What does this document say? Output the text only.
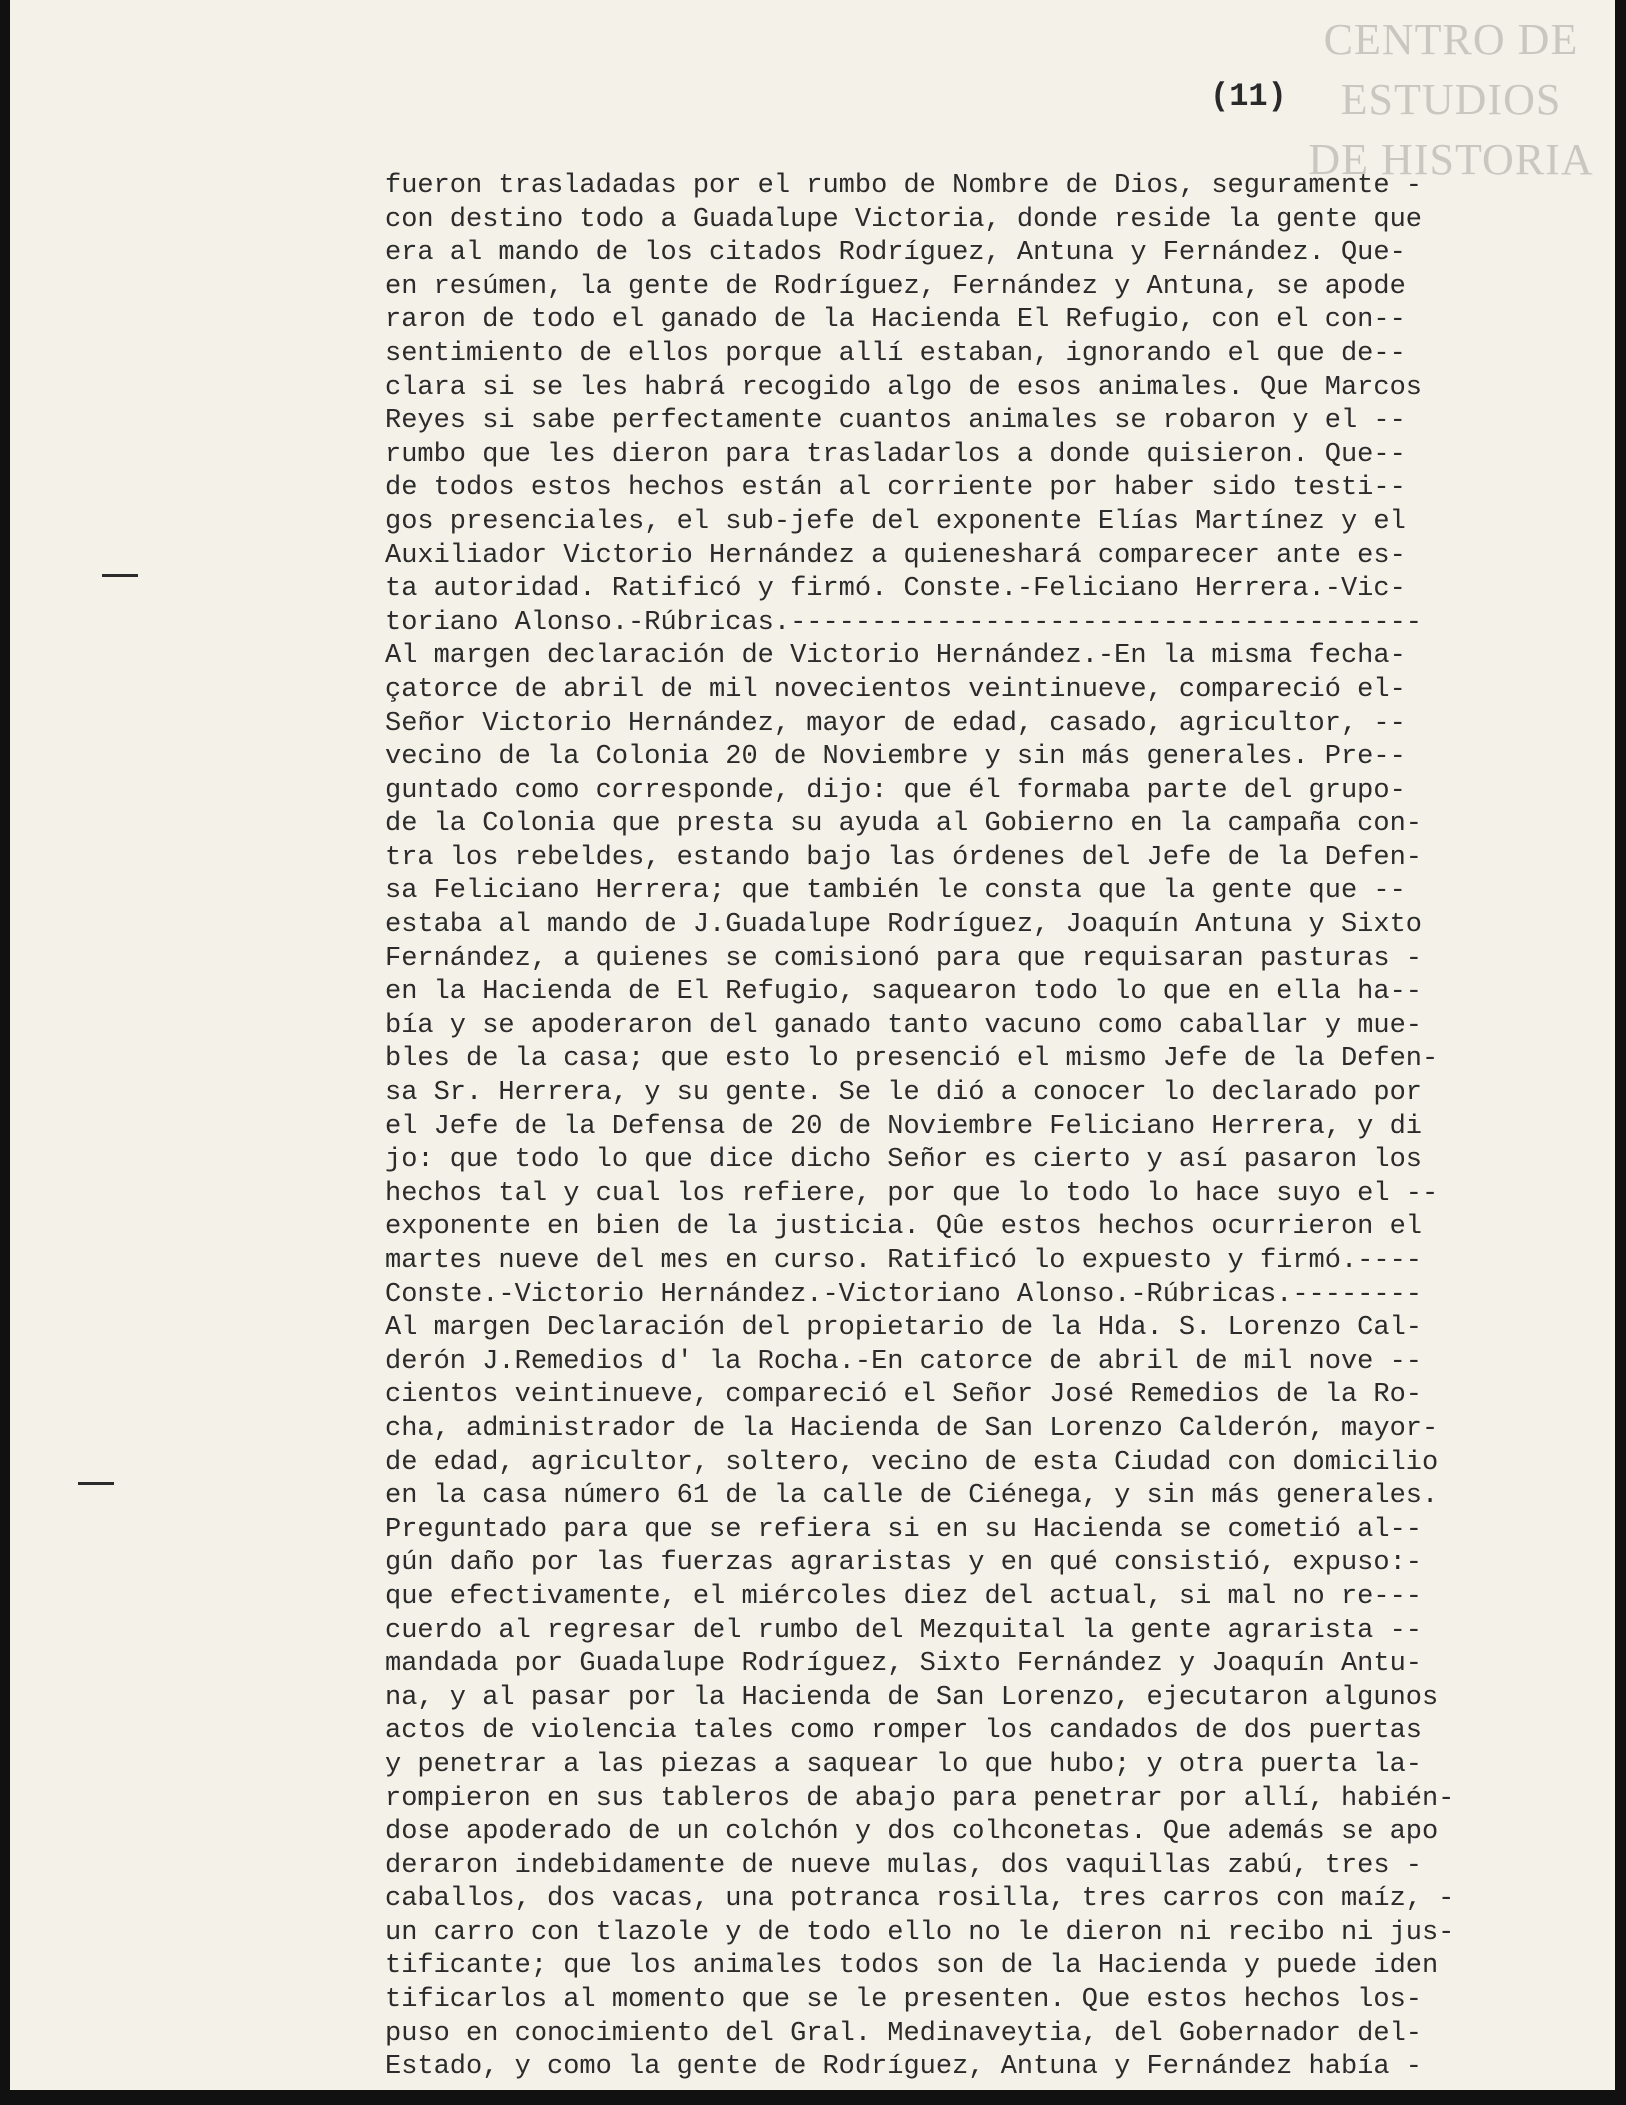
CENTRO DE
ESTUDIOS
DE HISTORIA
(11)
fueron trasladadas por el rumbo de Nombre de Dios, seguramente -
con destino todo a Guadalupe Victoria, donde reside la gente que
era al mando de los citados Rodríguez, Antuna y Fernández. Que-
en resúmen, la gente de Rodríguez, Fernández y Antuna, se apode
raron de todo el ganado de la Hacienda El Refugio, con el con--
sentimiento de ellos porque allí estaban, ignorando el que de--
clara si se les habrá recogido algo de esos animales. Que Marcos
Reyes si sabe perfectamente cuantos animales se robaron y el --
rumbo que les dieron para trasladarlos a donde quisieron. Que--
de todos estos hechos están al corriente por haber sido testi--
gos presenciales, el sub-jefe del exponente Elías Martínez y el
Auxiliador Victorio Hernández a quieneshará comparecer ante es-
ta autoridad. Ratificó y firmó. Conste.-Feliciano Herrera.-Vic-
toriano Alonso.-Rúbricas.---------------------------------------
Al margen declaración de Victorio Hernández.-En la misma fecha-
çatorce de abril de mil novecientos veintinueve, compareció el-
Señor Victorio Hernández, mayor de edad, casado, agricultor, --
vecino de la Colonia 20 de Noviembre y sin más generales. Pre--
guntado como corresponde, dijo: que él formaba parte del grupo-
de la Colonia que presta su ayuda al Gobierno en la campaña con-
tra los rebeldes, estando bajo las órdenes del Jefe de la Defen-
sa Feliciano Herrera; que también le consta que la gente que --
estaba al mando de J.Guadalupe Rodríguez, Joaquín Antuna y Sixto
Fernández, a quienes se comisionó para que requisaran pasturas -
en la Hacienda de El Refugio, saquearon todo lo que en ella ha--
bía y se apoderaron del ganado tanto vacuno como caballar y mue-
bles de la casa; que esto lo presenció el mismo Jefe de la Defen-
sa Sr. Herrera, y su gente. Se le dió a conocer lo declarado por
el Jefe de la Defensa de 20 de Noviembre Feliciano Herrera, y di
jo: que todo lo que dice dicho Señor es cierto y así pasaron los
hechos tal y cual los refiere, por que lo todo lo hace suyo el --
exponente en bien de la justicia. Qûe estos hechos ocurrieron el
martes nueve del mes en curso. Ratificó lo expuesto y firmó.----
Conste.-Victorio Hernández.-Victoriano Alonso.-Rúbricas.--------
Al margen Declaración del propietario de la Hda. S. Lorenzo Cal-
derón J.Remedios d' la Rocha.-En catorce de abril de mil nove --
cientos veintinueve, compareció el Señor José Remedios de la Ro-
cha, administrador de la Hacienda de San Lorenzo Calderón, mayor-
de edad, agricultor, soltero, vecino de esta Ciudad con domicilio
en la casa número 61 de la calle de Ciénega, y sin más generales.
Preguntado para que se refiera si en su Hacienda se cometió al--
gún daño por las fuerzas agraristas y en qué consistió, expuso:-
que efectivamente, el miércoles diez del actual, si mal no re---
cuerdo al regresar del rumbo del Mezquital la gente agrarista --
mandada por Guadalupe Rodríguez, Sixto Fernández y Joaquín Antu-
na, y al pasar por la Hacienda de San Lorenzo, ejecutaron algunos
actos de violencia tales como romper los candados de dos puertas
y penetrar a las piezas a saquear lo que hubo; y otra puerta la-
rompieron en sus tableros de abajo para penetrar por allí, habién-
dose apoderado de un colchón y dos colhconetas. Que además se apo
deraron indebidamente de nueve mulas, dos vaquillas zabú, tres -
caballos, dos vacas, una potranca rosilla, tres carros con maíz, -
un carro con tlazole y de todo ello no le dieron ni recibo ni jus-
tificante; que los animales todos son de la Hacienda y puede iden
tificarlos al momento que se le presenten. Que estos hechos los-
puso en conocimiento del Gral. Medinaveytia, del Gobernador del-
Estado, y como la gente de Rodríguez, Antuna y Fernández había -
